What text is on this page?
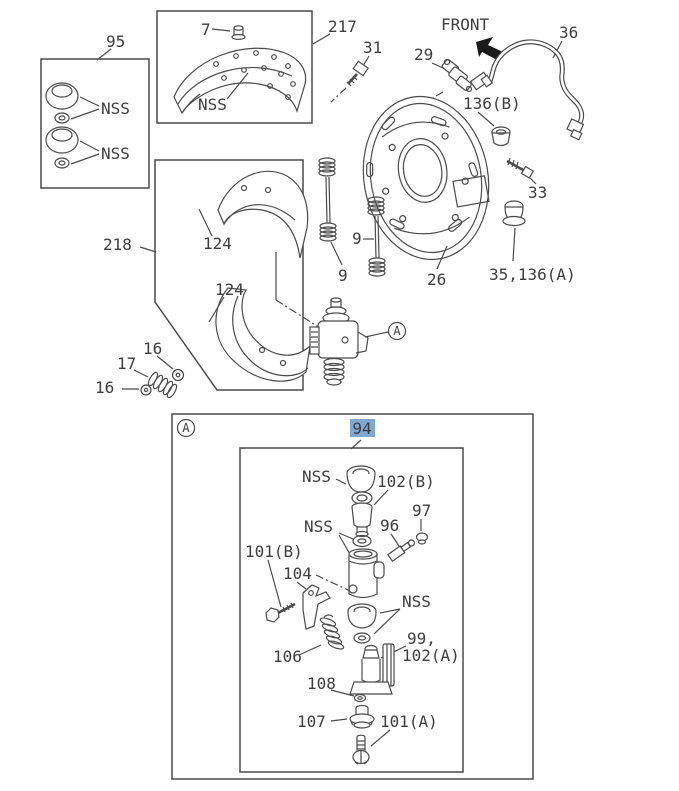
95
NSS
NSS
217
7
NSS
FRONT
31 29
36
136(B)
26
33
35,136(A)
9
9
218	124
124
16
17
16
A
A	94
NSS	102(B)
NSS	96
97
101(B)
104
106
NSS
99,
102(A)
108
107	101(A)
